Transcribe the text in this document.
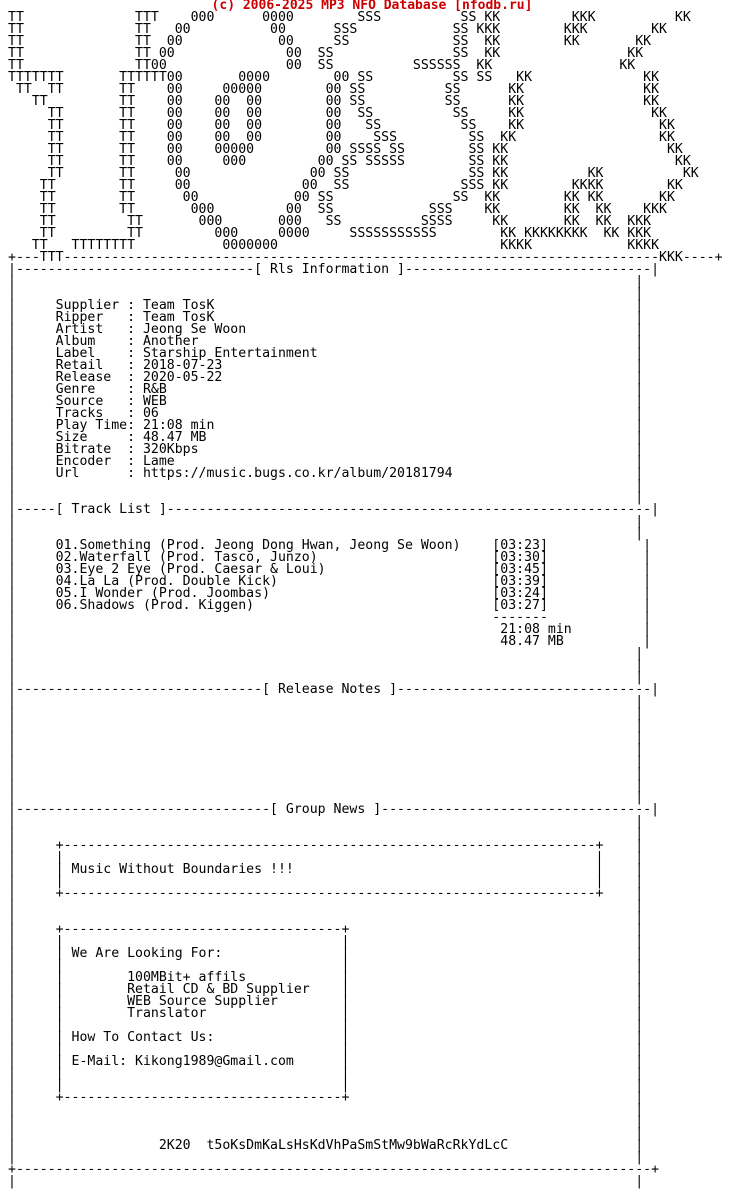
(c) 2006-2025 MP3 NFO Database [nfodb.ru]
TT              TTT    000      0000        SSS          SS KK         KKK          KK
TT              TT   00          00      SSS            SS KKK        KKK        KK
TT              TT  00            00     SS             SS  KK        KK       KK
TT              TT 00              00  SS               SS  KK                KK
TT              TT00               00  SS          SSSSSS  KK                KK
TTTTTTT       TTTTTT00       0000        00 SS          SS SS   KK              KK
TT  TT       TT    00     00000        00 SS          SS      KK               KK
TT         TT    00    00  00        00 SS          SS      KK               KK
TT       TT    00    00  00        00  SS          SS     KK                KK
TT       TT    00    00  00        00   SS          SS    KK                 KK
TT       TT    00    00  00        00    SSS         SS  KK                  KK
TT       TT    00    00000         00 SSSS SS        SS KK                    KK
TT       TT    00     000         00 SS SSSSS        SS KK                     KK
TT       TT     00               00 SS               SS KK          KK          KK
TT        TT     00              00  SS              SSS KK        KKKK        KK
TT        TT      00            00 SS               SS  KK        KK KK       KK
TT        TT       000         00  SS            SSS    KK        KK  KK    KKK
TT         TT       000       000   SS          SSSS     KK       KK  KK  KKK
TT         TT         000     0000     SSSSSSSSSSS        KK KKKKKKKK  KK KKK
TT   TTTTTTTT           0000000                            KKKK            KKKK
+---TTT---------------------------------------------------------------------------KKK----+
|------------------------------[ Rls Information ]-------------------------------|
|                                                                              |
|                                                                              |
|     Supplier : Team TosK                                                     |
|     Ripper   : Team TosK                                                     |
|     Artist   : Jeong Se Woon                                                 |
|     Album    : Another                                                       |
|     Label    : Starship Entertainment                                        |
|     Retail   : 2018-07-23                                                    |
|     Release  : 2020-05-22                                                    |
|     Genre    : R&B                                                           |
|     Source   : WEB                                                           |
|     Tracks   : 06                                                            |
|     Play Time: 21:08 min                                                     |
|     Size     : 48.47 MB                                                      |
|     Bitrate  : 320Kbps                                                       |
|     Encoder  : Lame                                                          |
|     Url      : https://music.bugs.co.kr/album/20181794                       |
|                                                                              |
|                                                                              |
|-----[ Track List ]-------------------------------------------------------------|
|                                                                              |
|                                                                              |
|     01.Something (Prod. Jeong Dong Hwan, Jeong Se Woon)    [03:23]            |
|     02.Waterfall (Prod. Tasco, Junzo)                      [03:30]            |
|     03.Eye 2 Eye (Prod. Caesar & Loui)                     [03:45]            |
|     04.La La (Prod. Double Kick)                           [03:39]            |
|     05.I Wonder (Prod. Joombas)                            [03:24]            |
|     06.Shadows (Prod. Kiggen)                              [03:27]            |
|                                                            -------            |
|                                                             21:08 min         |
|                                                             48.47 MB          |
|                                                                              |
|                                                                              |
|                                                                              |
|-------------------------------[ Release Notes ]--------------------------------|
|                                                                              |
|                                                                              |
|                                                                              |
|                                                                              |
|                                                                              |
|                                                                              |
|                                                                              |
|                                                                              |
|                                                                              |
|--------------------------------[ Group News ]----------------------------------|
|                                                                              |
|                                                                              |
|     +-------------------------------------------------------------------+    |
|     |                                                                   |    |
|     | Music Without Boundaries !!!                                      |    |
|     |                                                                   |    |
|     +-------------------------------------------------------------------+    |
|                                                                              |
|                                                                              |
|     +-----------------------------------+                                    |
|     |                                   |                                    |
|     | We Are Looking For:               |                                    |
|     |                                   |                                    |
|     |        100MBit+ affils            |                                    |
|     |        Retail CD & BD Supplier    |                                    |
|     |        WEB Source Supplier        |                                    |
|     |        Translator                 |                                    |
|     |                                   |                                    |
|     | How To Contact Us:                |                                    |
|     |                                   |                                    |
|     | E-Mail: Kikong1989@Gmail.com      |                                    |
|     |                                   |                                    |
|     |                                   |                                    |
|     +-----------------------------------+                                    |
|                                                                              |
|                                                                              |
|                                                                              |
|                  2K20  t5oKsDmKaLsHsKdVhPaSmStMw9bWaRcRkYdLcC                |
|                                                                              |
+--------------------------------------------------------------------------------+
|                                                                              |
